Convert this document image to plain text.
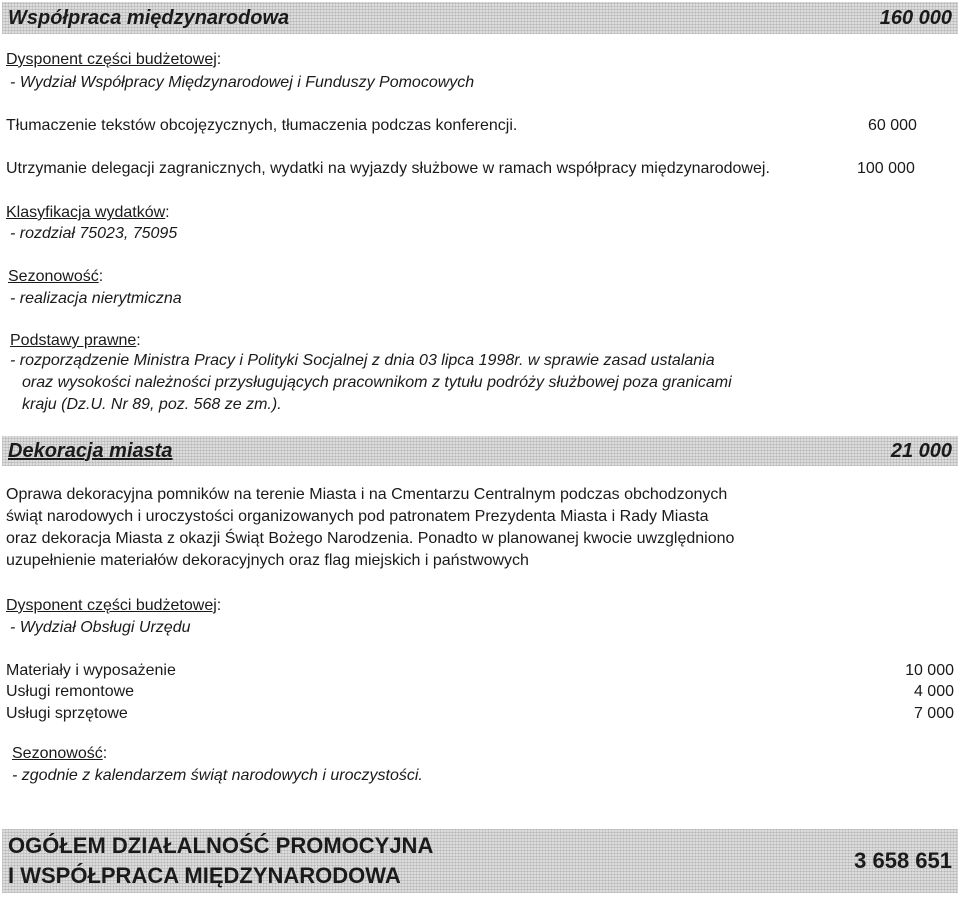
Współpraca międzynarodowa	160 000
Dysponent części budżetowej:
- Wydział Współpracy Międzynarodowej i Funduszy Pomocowych
Tłumaczenie tekstów obcojęzycznych, tłumaczenia podczas konferencji.	60 000
Utrzymanie delegacji zagranicznych, wydatki na wyjazdy służbowe w ramach współpracy międzynarodowej.	100 000
Klasyfikacja wydatków:
- rozdział 75023, 75095
Sezonowość:
- realizacja nierytmiczna
Podstawy prawne:
- rozporządzenie Ministra Pracy i Polityki Socjalnej z dnia 03 lipca 1998r. w sprawie zasad ustalania
oraz wysokości należności przysługujących pracownikom z tytułu podróży służbowej poza granicami
kraju (Dz.U. Nr 89, poz. 568 ze zm.).
Dekoracja miasta	21 000
Oprawa dekoracyjna pomników na terenie Miasta i na Cmentarzu Centralnym podczas obchodzonych
świąt narodowych i uroczystości organizowanych pod patronatem Prezydenta Miasta i Rady Miasta
oraz dekoracja Miasta z okazji Świąt Bożego Narodzenia. Ponadto w planowanej kwocie uwzględniono
uzupełnienie materiałów dekoracyjnych oraz flag miejskich i państwowych
Dysponent części budżetowej:
- Wydział Obsługi Urzędu
Materiały i wyposażenie	10 000
Usługi remontowe	4 000
Usługi sprzętowe	7 000
Sezonowość:
- zgodnie z kalendarzem świąt narodowych i uroczystości.
OGÓŁEM DZIAŁALNOŚĆ PROMOCYJNA
I WSPÓŁPRACA MIĘDZYNARODOWA
3 658 651
